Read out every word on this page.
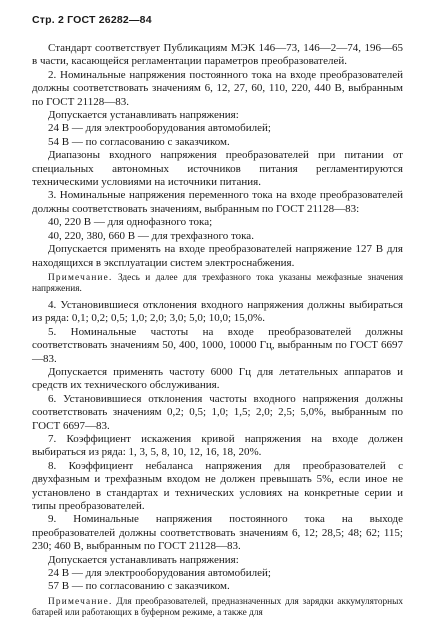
Стр. 2 ГОСТ 26282—84

Стандарт соответствует Публикациям МЭК 146—73, 146—2—74, 196—65 в части, касающейся регламентации параметров преобразователей.

2. Номинальные напряжения постоянного тока на входе преобразователей должны соответствовать значениям 6, 12, 27, 60, 110, 220, 440 В, выбранным по ГОСТ 21128—83.

Допускается устанавливать напряжения:

24 В — для электрооборудования автомобилей;

54 В — по согласованию с заказчиком.

Диапазоны входного напряжения преобразователей при питании от специальных автономных источников питания регламентируются техническими условиями на источники питания.

3. Номинальные напряжения переменного тока на входе преобразователей должны соответствовать значениям, выбранным по ГОСТ 21128—83:

40, 220 В — для однофазного тока;

40, 220, 380, 660 В — для трехфазного тока.

Допускается применять на входе преобразователей напряжение 127 В для находящихся в эксплуатации систем электроснабжения.

Примечание. Здесь и далее для трехфазного тока указаны межфазные значения напряжения.

4. Установившиеся отклонения входного напряжения должны выбираться из ряда: 0,1; 0,2; 0,5; 1,0; 2,0; 3,0; 5,0; 10,0; 15,0%.

5. Номинальные частоты на входе преобразователей должны соответствовать значениям 50, 400, 1000, 10000 Гц, выбранным по ГОСТ 6697—83.

Допускается применять частоту 6000 Гц для летательных аппаратов и средств их технического обслуживания.

6. Установившиеся отклонения частоты входного напряжения должны соответствовать значениям 0,2; 0,5; 1,0; 1,5; 2,0; 2,5; 5,0%, выбранным по ГОСТ 6697—83.

7. Коэффициент искажения кривой напряжения на входе должен выбираться из ряда: 1, 3, 5, 8, 10, 12, 16, 18, 20%.

8. Коэффициент небаланса напряжения для преобразователей с двухфазным и трехфазным входом не должен превышать 5%, если иное не установлено в стандартах и технических условиях на конкретные серии и типы преобразователей.

9. Номинальные напряжения постоянного тока на выходе преобразователей должны соответствовать значениям 6, 12; 28,5; 48; 62; 115; 230; 460 В, выбранным по ГОСТ 21128—83.

Допускается устанавливать напряжения:

24 В — для электрооборудования автомобилей;

57 В — по согласованию с заказчиком.

Примечание. Для преобразователей, предназначенных для зарядки аккумуляторных батарей или работающих в буферном режиме, а также для
